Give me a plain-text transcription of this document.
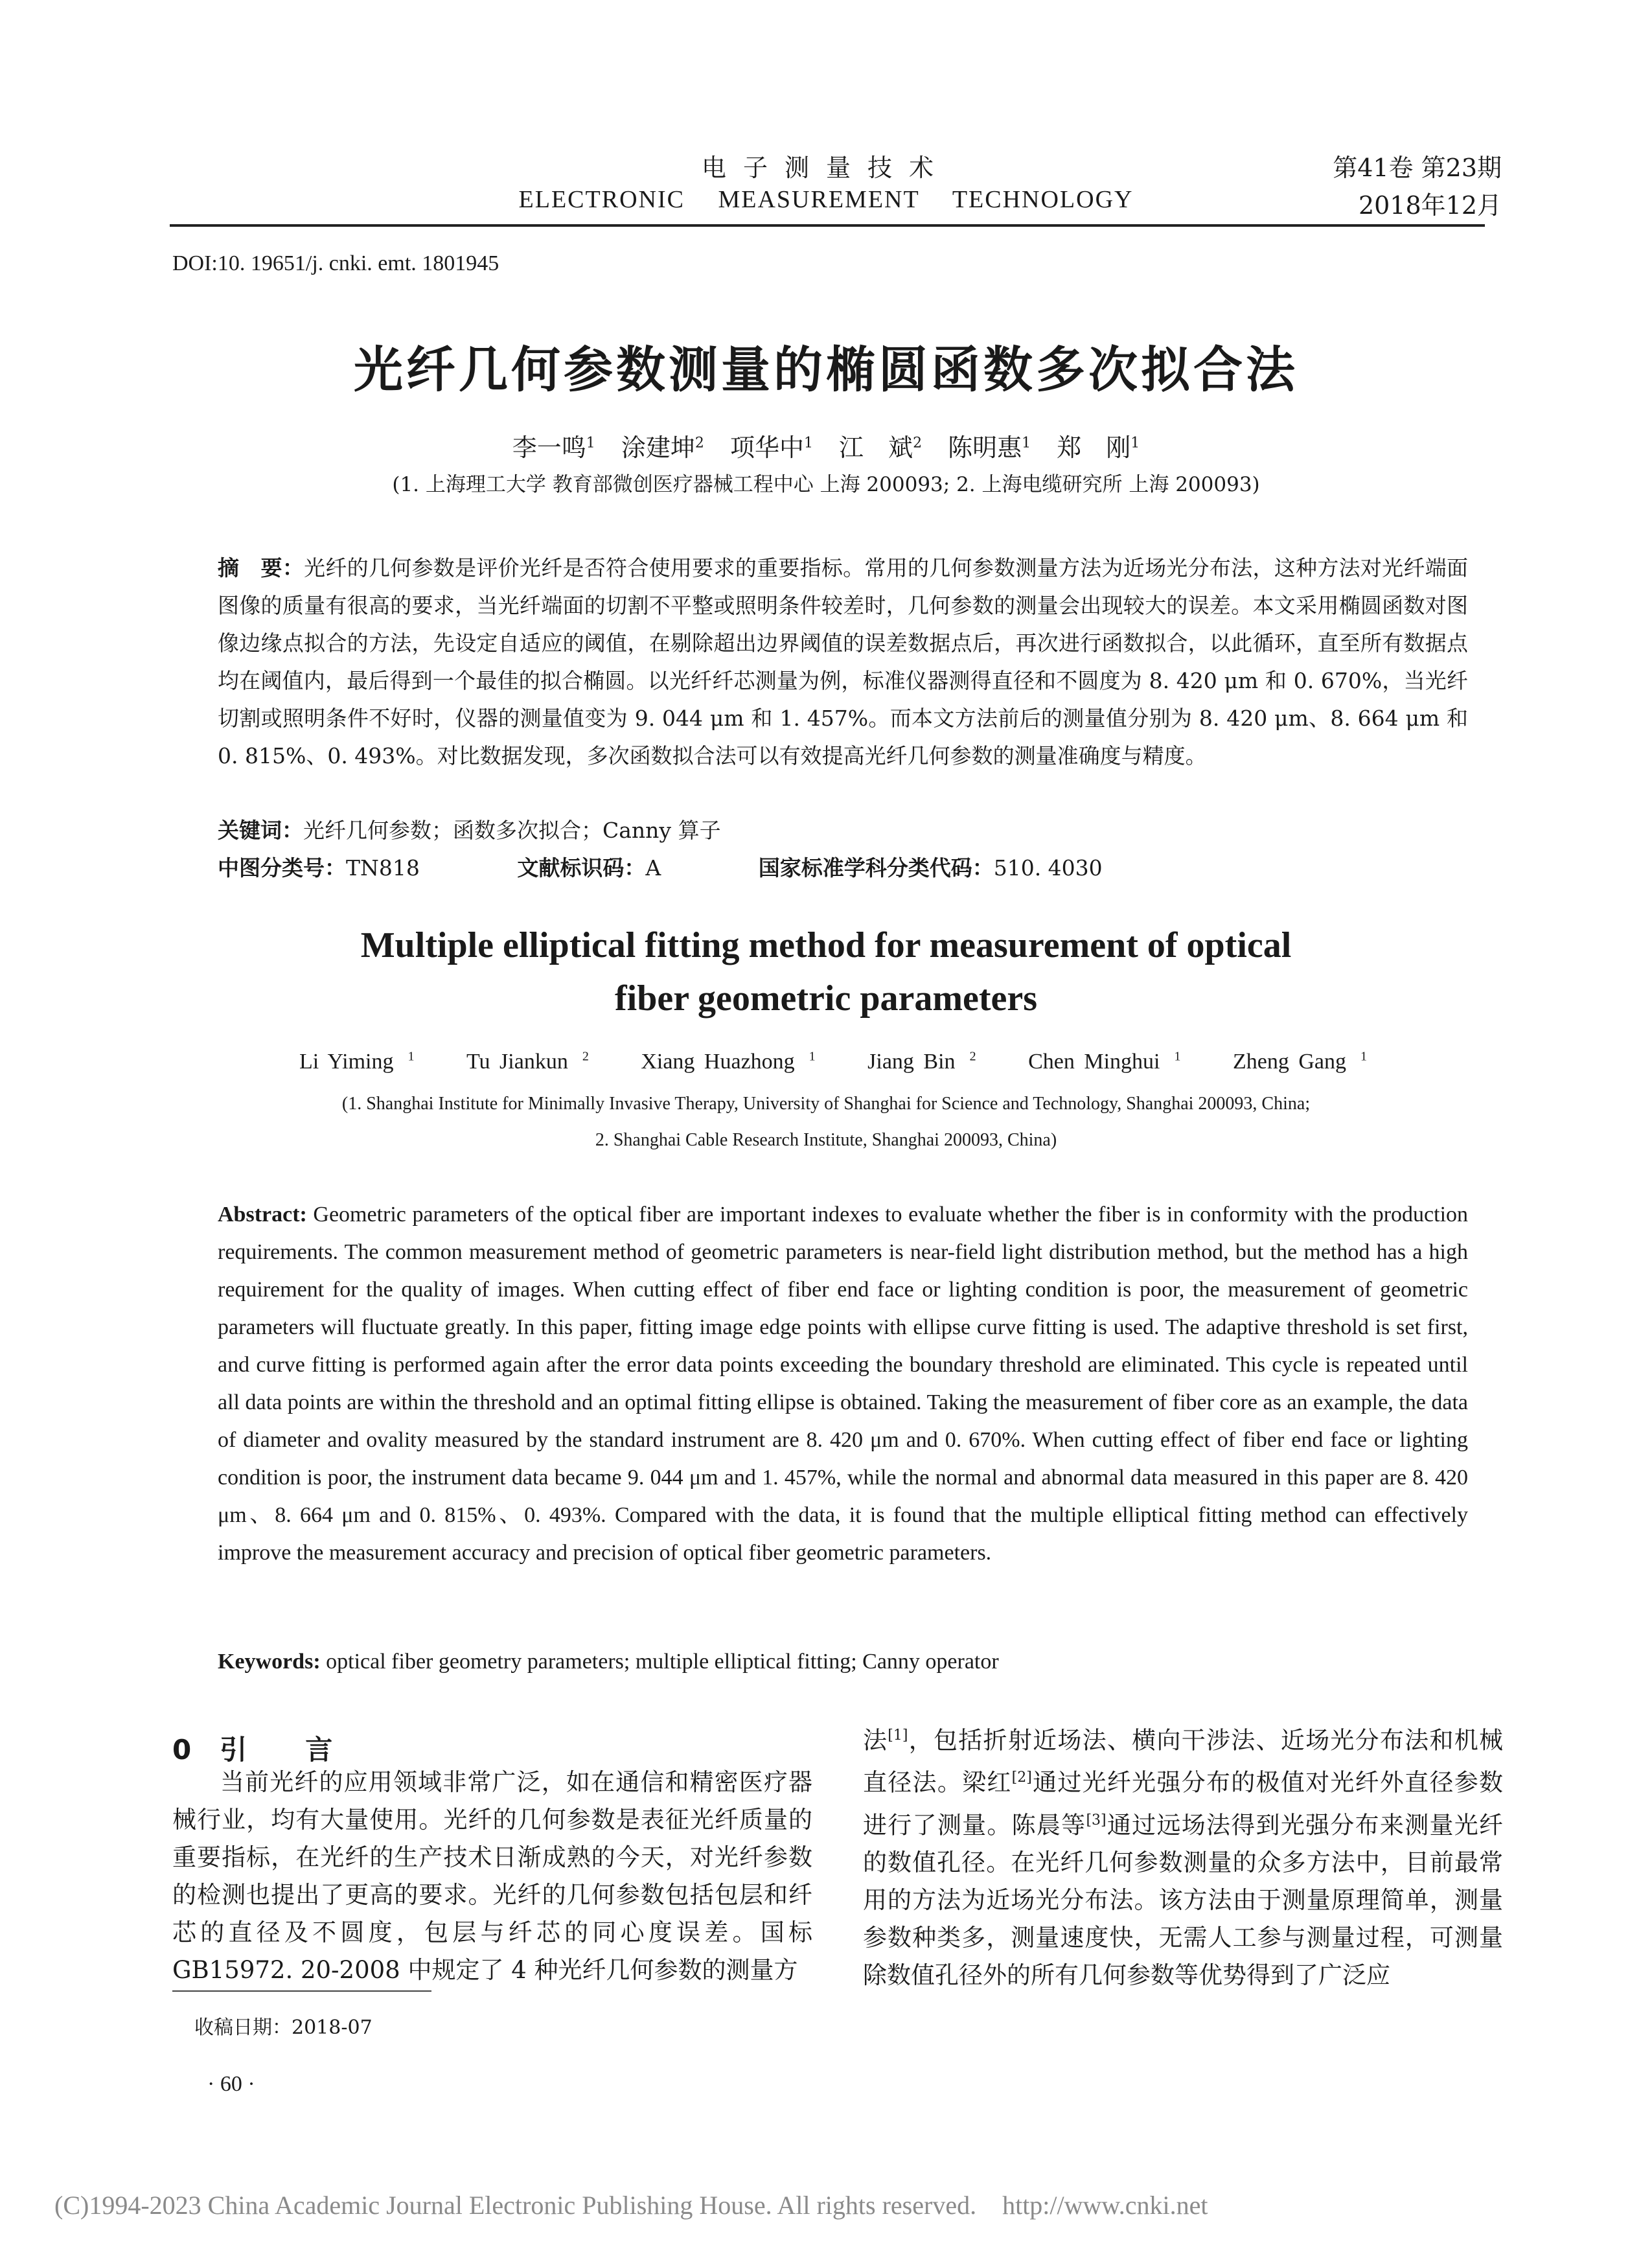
电子测量技术
ELECTRONIC MEASUREMENT TECHNOLOGY
第41卷 第23期
2018年12月
DOI:10. 19651/j. cnki. emt. 1801945
光纤几何参数测量的椭圆函数多次拟合法
李一鸣$^1$ 涂建坤$^2$ 项华中$^1$ 江　斌$^2$ 陈明惠$^1$ 郑　刚$^1$
(1. 上海理工大学 教育部微创医疗器械工程中心 上海 200093; 2. 上海电缆研究所 上海 200093)
摘　要：光纤的几何参数是评价光纤是否符合使用要求的重要指标。常用的几何参数测量方法为近场光分布法，这种方法对光纤端面图像的质量有很高的要求，当光纤端面的切割不平整或照明条件较差时，几何参数的测量会出现较大的误差。本文采用椭圆函数对图像边缘点拟合的方法，先设定自适应的阈值，在剔除超出边界阈值的误差数据点后，再次进行函数拟合，以此循环，直至所有数据点均在阈值内，最后得到一个最佳的拟合椭圆。以光纤纤芯测量为例，标准仪器测得直径和不圆度为 8. 420 μm 和 0. 670%，当光纤切割或照明条件不好时，仪器的测量值变为 9. 044 μm 和 1. 457%。而本文方法前后的测量值分别为 8. 420 μm、8. 664 μm 和 0. 815%、0. 493%。对比数据发现，多次函数拟合法可以有效提高光纤几何参数的测量准确度与精度。
关键词：光纤几何参数；函数多次拟合；Canny 算子
中图分类号：TN818	文献标识码：A	国家标准学科分类代码：510. 4030
Multiple elliptical fitting method for measurement of optical
fiber geometric parameters
Li Yiming $^1$ Tu Jiankun $^2$ Xiang Huazhong $^1$ Jiang Bin $^2$ Chen Minghui $^1$ Zheng Gang $^1$
(1. Shanghai Institute for Minimally Invasive Therapy, University of Shanghai for Science and Technology, Shanghai 200093, China;
2. Shanghai Cable Research Institute, Shanghai 200093, China)
Abstract: Geometric parameters of the optical fiber are important indexes to evaluate whether the fiber is in conformity with the production requirements. The common measurement method of geometric parameters is near-field light distribution method, but the method has a high requirement for the quality of images. When cutting effect of fiber end face or lighting condition is poor, the measurement of geometric parameters will fluctuate greatly. In this paper, fitting image edge points with ellipse curve fitting is used. The adaptive threshold is set first, and curve fitting is performed again after the error data points exceeding the boundary threshold are eliminated. This cycle is repeated until all data points are within the threshold and an optimal fitting ellipse is obtained. Taking the measurement of fiber core as an example, the data of diameter and ovality measured by the standard instrument are 8. 420 μm and 0. 670%. When cutting effect of fiber end face or lighting condition is poor, the instrument data became 9. 044 μm and 1. 457%, while the normal and abnormal data measured in this paper are 8. 420 μm、8. 664 μm and 0. 815%、0. 493%. Compared with the data, it is found that the multiple elliptical fitting method can effectively improve the measurement accuracy and precision of optical fiber geometric parameters.
Keywords: optical fiber geometry parameters; multiple elliptical fitting; Canny operator
0 引言

当前光纤的应用领域非常广泛，如在通信和精密医疗器械行业，均有大量使用。光纤的几何参数是表征光纤质量的重要指标，在光纤的生产技术日渐成熟的今天，对光纤参数的检测也提出了更高的要求。光纤的几何参数包括包层和纤芯的直径及不圆度，包层与纤芯的同心度误差。国标 GB15972. 20-2008 中规定了 4 种光纤几何参数的测量方

法[1]，包括折射近场法、横向干涉法、近场光分布法和机械直径法。梁红[2]通过光纤光强分布的极值对光纤外直径参数进行了测量。陈晨等[3]通过远场法得到光强分布来测量光纤的数值孔径。在光纤几何参数测量的众多方法中，目前最常用的方法为近场光分布法。该方法由于测量原理简单，测量参数种类多，测量速度快，无需人工参与测量过程，可测量除数值孔径外的所有几何参数等优势得到了广泛应

收稿日期：2018-07
· 60 ·
(C)1994-2023 China Academic Journal Electronic Publishing House. All rights reserved. http://www.cnki.net
